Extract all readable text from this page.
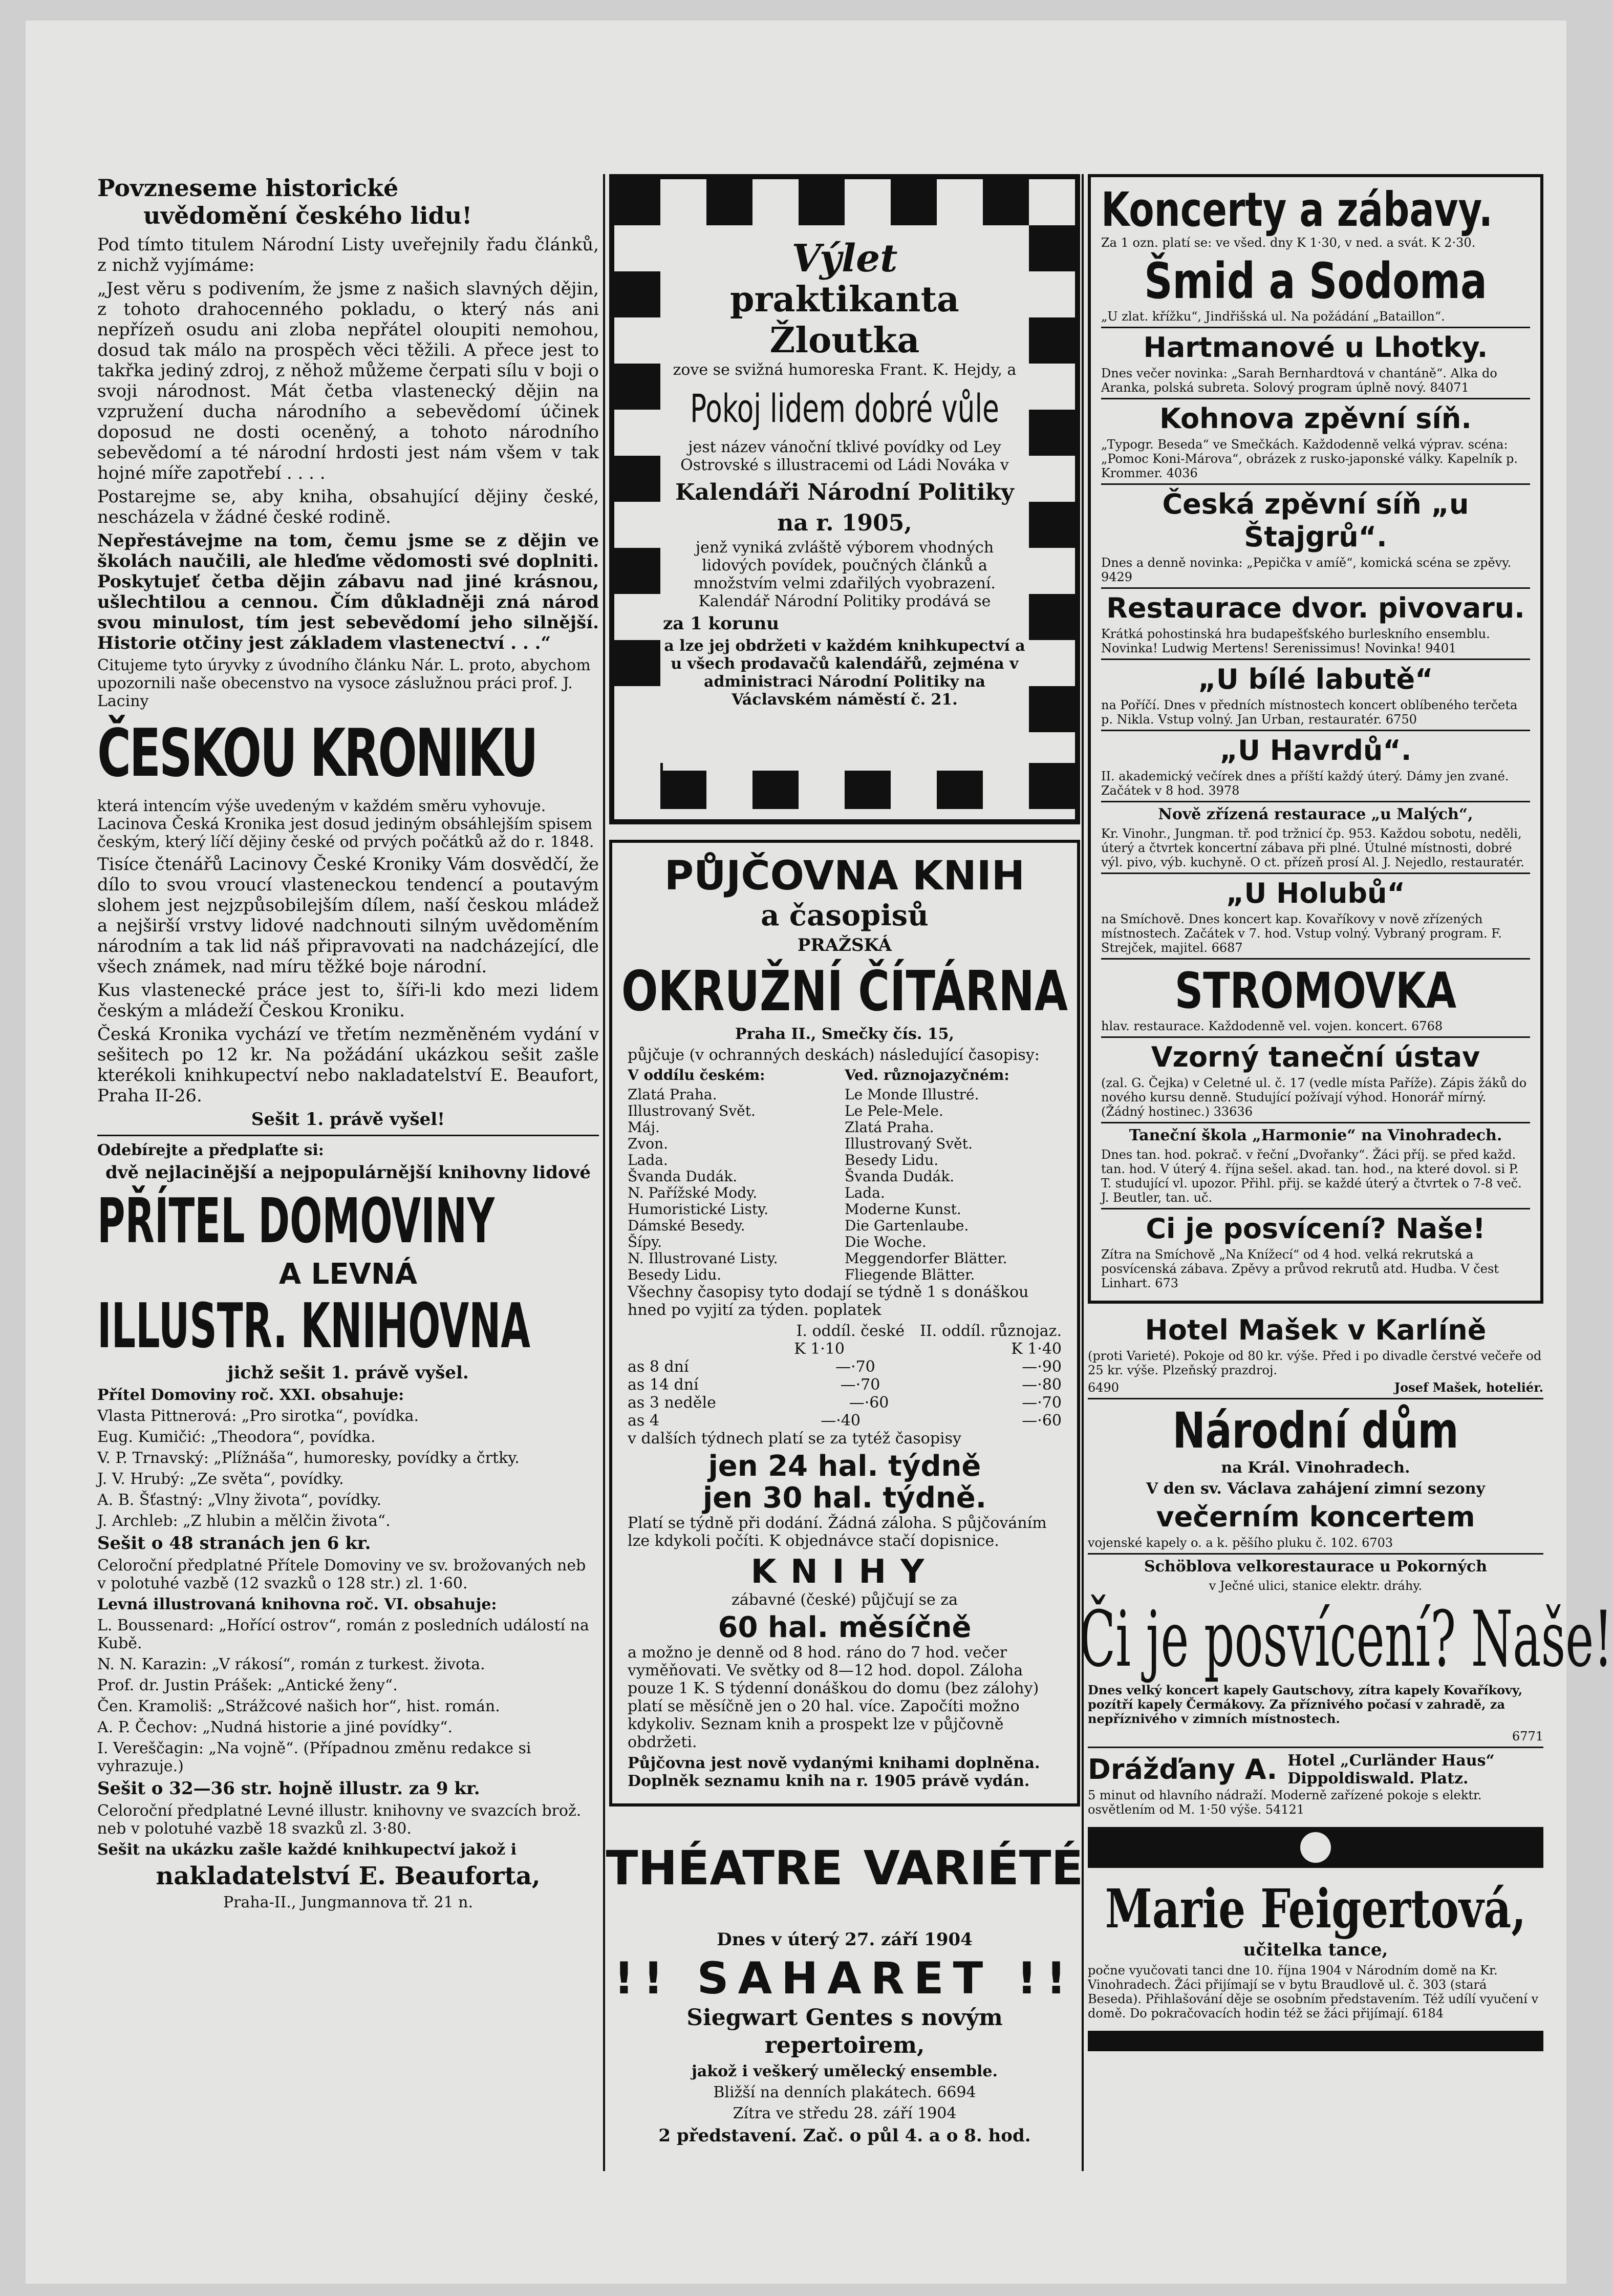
Povzneseme historické

uvědomění českého lidu!

Pod tímto titulem Národní Listy uveřejnily řadu článků, z nichž vyjímáme:

„Jest věru s podivením, že jsme z našich slavných dějin, z tohoto drahocenného pokladu, o který nás ani nepřízeň osudu ani zloba nepřátel oloupiti nemohou, dosud tak málo na prospěch věci těžili. A přece jest to takřka jediný zdroj, z něhož můžeme čerpati sílu v boji o svoji národnost. Mát četba vlastenecký dějin na vzpružení ducha národního a sebevědomí účinek doposud ne dosti oceněný, a tohoto národního sebevědomí a té národní hrdosti jest nám všem v tak hojné míře zapotřebí . . . .

Postarejme se, aby kniha, obsahující dějiny české, nescházela v žádné české rodině.

Nepřestávejme na tom, čemu jsme se z dějin ve školách naučili, ale hleďme vědomosti své doplniti. Poskytujeť četba dějin zábavu nad jiné krásnou, ušlechtilou a cennou. Čím důkladněji zná národ svou minulost, tím jest sebevědomí jeho silnější. Historie otčiny jest základem vlastenectví . . .“

Citujeme tyto úryvky z úvodního článku Nár. L. proto, abychom upozornili naše obecenstvo na vysoce záslužnou práci prof. J. Laciny

ČESKOU KRONIKU

která intencím výše uvedeným v každém směru vyhovuje. Lacinova Česká Kronika jest dosud jediným obsáhlejším spisem českým, který líčí dějiny české od prvých počátků až do r. 1848.

Tisíce čtenářů Lacinovy České Kroniky Vám dosvědčí, že dílo to svou vroucí vlasteneckou tendencí a poutavým slohem jest nejzpůsobilejším dílem, naší českou mládež a nejširší vrstvy lidové nadchnouti silným uvědoměním národním a tak lid náš připravovati na nadcházející, dle všech známek, nad míru těžké boje národní.

Kus vlastenecké práce jest to, šíři-li kdo mezi lidem českým a mládeží Českou Kroniku.

Česká Kronika vychází ve třetím nezměněném vydání v sešitech po 12 kr. Na požádání ukázkou sešit zašle kterékoli knihkupectví nebo nakladatelství E. Beaufort, Praha II-26.

Sešit 1. právě vyšel!

Odebírejte a předplaťte si:

dvě nejlacinější a nejpopulárnější knihovny lidové

PŘÍTEL DOMOVINY

A LEVNÁ

ILLUSTR. KNIHOVNA

jichž sešit 1. právě vyšel.

Přítel Domoviny roč. XXI. obsahuje:

Vlasta Pittnerová: „Pro sirotka“, povídka.

Eug. Kumičić: „Theodora“, povídka.

V. P. Trnavský: „Plížnáša“, humoresky, povídky a črtky.

J. V. Hrubý: „Ze světa“, povídky.

A. B. Šťastný: „Vlny života“, povídky.

J. Archleb: „Z hlubin a mělčin života“.

Sešit o 48 stranách jen 6 kr.

Celoroční předplatné Přítele Domoviny ve sv. brožovaných neb v polotuhé vazbě (12 svazků o 128 str.) zl. 1·60.

Levná illustrovaná knihovna roč. VI. obsahuje:

L. Boussenard: „Hořící ostrov“, román z posledních událostí na Kubě.

N. N. Karazin: „V rákosí“, román z turkest. života.

Prof. dr. Justin Prášek: „Antické ženy“.

Čen. Kramoliš: „Strážcové našich hor“, hist. román.

A. P. Čechov: „Nudná historie a jiné povídky“.

I. Vereščagin: „Na vojně“. (Případnou změnu redakce si vyhrazuje.)

Sešit o 32—36 str. hojně illustr. za 9 kr.

Celoroční předplatné Levné illustr. knihovny ve svazcích brož. neb v polotuhé vazbě 18 svazků zl. 3·80.

Sešit na ukázku zašle každé knihkupectví jakož i

nakladatelství E. Beauforta,

Praha-II., Jungmannova tř. 21 n.

Výlet
praktikanta Žloutka

zove se svižná humoreska Frant. K. Hejdy, a

Pokoj lidem dobré vůle

jest název vánoční tklivé povídky od Ley Ostrovské s illustracemi od Ládi Nováka v

Kalendáři Národní Politiky na r. 1905,

jenž vyniká zvláště výborem vhodných lidových povídek, poučných článků a množstvím velmi zdařilých vyobrazení. Kalendář Národní Politiky prodává se

za 1 korunu

a lze jej obdržeti v každém knihkupectví a u všech prodavačů kalendářů, zejména v administraci Národní Politiky na Václavském náměstí č. 21.

PŮJČOVNA KNIH

a časopisů

PRAŽSKÁ

OKRUŽNÍ ČÍTÁRNA

Praha II., Smečky čís. 15,

půjčuje (v ochranných deskách) následující časopisy:

V oddílu českém:

Zlatá Praha.
Illustrovaný Svět.
Máj.
Zvon.
Lada.
Švanda Dudák.
N. Pařížské Mody.
Humoristické Listy.
Dámské Besedy.
Šípy.
N. Illustrované Listy.
Besedy Lidu.

Ved. různojazyčném:

Le Monde Illustré.
Le Pele-Mele.
Zlatá Praha.
Illustrovaný Svět.
Besedy Lidu.
Švanda Dudák.
Lada.
Moderne Kunst.
Die Gartenlaube.
Die Woche.
Meggendorfer Blätter.
Fliegende Blätter.

Všechny časopisy tyto dodají se týdně 1 s donáškou hned po vyjití za týden. poplatek

I. oddíl. české II. oddíl. různojaz.
K 1·10	K 1·40
as 8 dní	—·70	—·90
as 14 dní	—·70	—·80
as 3 neděle	—·60	—·70
as 4	—·40	—·60

v dalších týdnech platí se za tytéž časopisy

jen 24 hal. týdně
jen 30 hal. týdně.

Platí se týdně při dodání. Žádná záloha. S půjčováním lze kdykoli počíti. K objednávce stačí dopisnice.

KNIHY

zábavné (české) půjčují se za

60 hal. měsíčně

a možno je denně od 8 hod. ráno do 7 hod. večer vyměňovati. Ve světky od 8—12 hod. dopol. Záloha pouze 1 K. S týdenní donáškou do domu (bez zálohy) platí se měsíčně jen o 20 hal. více. Započíti možno kdykoliv. Seznam knih a prospekt lze v půjčovně obdržeti.

Půjčovna jest nově vydanými knihami doplněna. Doplněk seznamu knih na r. 1905 právě vydán.

THÉATRE VARIÉTÉ

Dnes v úterý 27. září 1904

!! SAHARET !!

Siegwart Gentes s novým repertoirem,

jakož i veškerý umělecký ensemble.

Bližší na denních plakátech. 6694

Zítra ve středu 28. září 1904

2 představení. Zač. o půl 4. a o 8. hod.

Koncerty a zábavy.

Za 1 ozn. platí se: ve všed. dny K 1·30, v ned. a svát. K 2·30.

Šmid a Sodoma

„U zlat. křížku“, Jindřišská ul. Na požádání „Bataillon“.

Hartmanové u Lhotky.

Dnes večer novinka: „Sarah Bernhardtová v chantáně“. Alka do Aranka, polská subreta. Solový program úplně nový. 84071

Kohnova zpěvní síň.

„Typogr. Beseda“ ve Smečkách. Každodenně velká výprav. scéna: „Pomoc Koni-Márova“, obrázek z rusko-japonské války. Kapelník p. Krommer. 4036

Česká zpěvní síň „u Štajgrů“.

Dnes a denně novinka: „Pepička v amíě“, komická scéna se zpěvy. 9429

Restaurace dvor. pivovaru.

Krátká pohostinská hra budapešťského burleskního ensemblu. Novinka! Ludwig Mertens! Serenissimus! Novinka! 9401

„U bílé labutě“

na Poříčí. Dnes v předních místnostech koncert oblíbeného terčeta p. Nikla. Vstup volný. Jan Urban, restauratér. 6750

„U Havrdů“.

II. akademický večírek dnes a příští každý úterý. Dámy jen zvané. Začátek v 8 hod. 3978

Nově zřízená restaurace „u Malých“,

Kr. Vinohr., Jungman. tř. pod tržnicí čp. 953. Každou sobotu, neděli, úterý a čtvrtek koncertní zábava při plné. Útulné místnosti, dobré výl. pivo, výb. kuchyně. O ct. přízeň prosí Al. J. Nejedlo, restauratér.

„U Holubů“

na Smíchově. Dnes koncert kap. Kovaříkovy v nově zřízených místnostech. Začátek v 7. hod. Vstup volný. Vybraný program. F. Strejček, majitel. 6687

STROMOVKA

hlav. restaurace. Každodenně vel. vojen. koncert. 6768

Vzorný taneční ústav

(zal. G. Čejka) v Celetné ul. č. 17 (vedle místa Paříže). Zápis žáků do nového kursu denně. Studující požívají výhod. Honorář mírný. (Žádný hostinec.) 33636

Taneční škola „Harmonie“ na Vinohradech.

Dnes tan. hod. pokrač. v řeční „Dvořanky“. Žáci příj. se před každ. tan. hod. V úterý 4. října sešel. akad. tan. hod., na které dovol. si P. T. studující vl. upozor. Přihl. přij. se každé úterý a čtvrtek o 7-8 več. J. Beutler, tan. uč.

Ci je posvícení? Naše!

Zítra na Smíchově „Na Knížecí“ od 4 hod. velká rekrutská a posvícenská zábava. Zpěvy a průvod rekrutů atd. Hudba. V čest Linhart. 673

Hotel Mašek v Karlíně

(proti Varieté). Pokoje od 80 kr. výše. Před i po divadle čerstvé večeře od 25 kr. výše. Plzeňský prazdroj.

6490	Josef Mašek, hoteliér.

Národní dům

na Král. Vinohradech.

V den sv. Václava zahájení zimní sezony

večerním koncertem

vojenské kapely o. a k. pěšího pluku č. 102. 6703

Schöblova velkorestaurace u Pokorných

v Ječné ulici, stanice elektr. dráhy.

Či je posvícení? Naše!

Dnes velký koncert kapely Gautschovy, zítra kapely Kovaříkovy, pozítří kapely Čermákovy. Za příznivého počasí v zahradě, za nepříznivého v zimních místnostech.

6771

Drážďany A. Hotel „Curländer Haus“
Dippoldiswald. Platz.

5 minut od hlavního nádraží. Moderně zařízené pokoje s elektr. osvětlením od M. 1·50 výše. 54121

Marie Feigertová,

učitelka tance,

počne vyučovati tanci dne 10. října 1904 v Národním domě na Kr. Vinohradech. Žáci přijímají se v bytu Braudlově ul. č. 303 (stará Beseda). Přihlašování děje se osobním představením. Též udílí vyučení v domě. Do pokračovacích hodin též se žáci přijímají. 6184
